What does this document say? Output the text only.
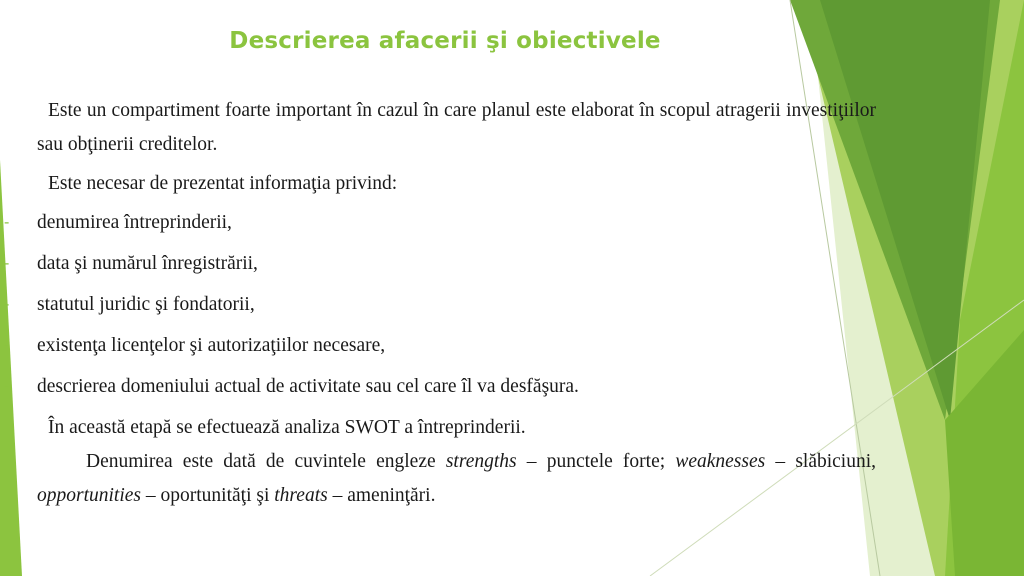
Descrierea afacerii şi obiectivele

Este un compartiment foarte important în cazul în care planul este elaborat în scopul atragerii investiţiilor sau obţinerii creditelor.

Este necesar de prezentat informaţia privind:

- denumirea întreprinderii,
- data şi numărul înregistrării,
- statutul juridic şi fondatorii,
- existenţa licenţelor şi autorizaţiilor necesare,
- descrierea domeniului actual de activitate sau cel care îl va desfăşura.

În această etapă se efectuează analiza SWOT a întreprinderii.

Denumirea este dată de cuvintele engleze strengths – punctele forte; weaknesses – slăbiciuni, opportunities – oportunităţi şi threats – ameninţări.
